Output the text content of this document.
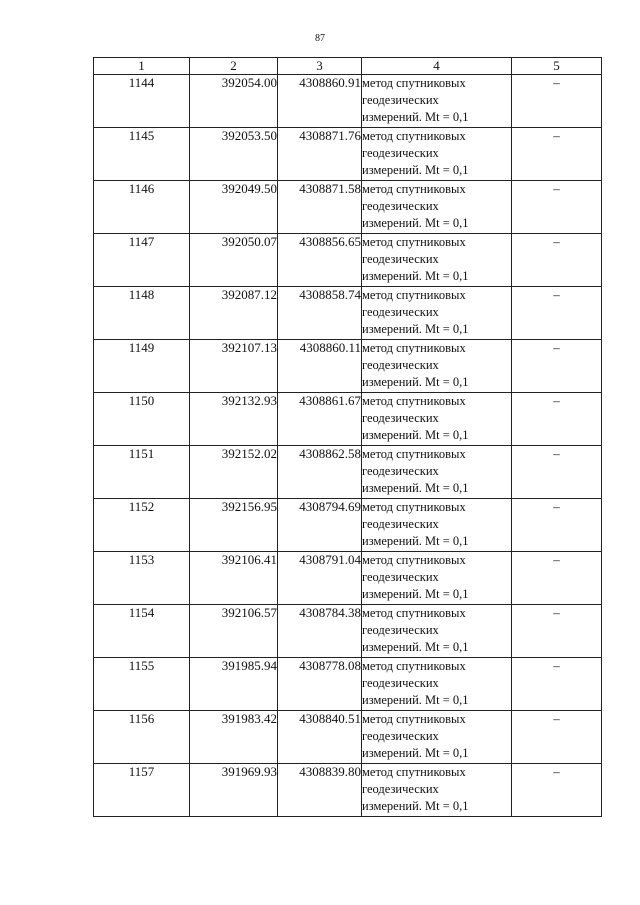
87
1	2	3	4	5
1144	392054.00	4308860.91	метод спутниковых
геодезических
измерений. Mt = 0,1	–
1145	392053.50	4308871.76	метод спутниковых
геодезических
измерений. Mt = 0,1	–
1146	392049.50	4308871.58	метод спутниковых
геодезических
измерений. Mt = 0,1	–
1147	392050.07	4308856.65	метод спутниковых
геодезических
измерений. Mt = 0,1	–
1148	392087.12	4308858.74	метод спутниковых
геодезических
измерений. Mt = 0,1	–
1149	392107.13	4308860.11	метод спутниковых
геодезических
измерений. Mt = 0,1	–
1150	392132.93	4308861.67	метод спутниковых
геодезических
измерений. Mt = 0,1	–
1151	392152.02	4308862.58	метод спутниковых
геодезических
измерений. Mt = 0,1	–
1152	392156.95	4308794.69	метод спутниковых
геодезических
измерений. Mt = 0,1	–
1153	392106.41	4308791.04	метод спутниковых
геодезических
измерений. Mt = 0,1	–
1154	392106.57	4308784.38	метод спутниковых
геодезических
измерений. Mt = 0,1	–
1155	391985.94	4308778.08	метод спутниковых
геодезических
измерений. Mt = 0,1	–
1156	391983.42	4308840.51	метод спутниковых
геодезических
измерений. Mt = 0,1	–
1157	391969.93	4308839.80	метод спутниковых
геодезических
измерений. Mt = 0,1	–
